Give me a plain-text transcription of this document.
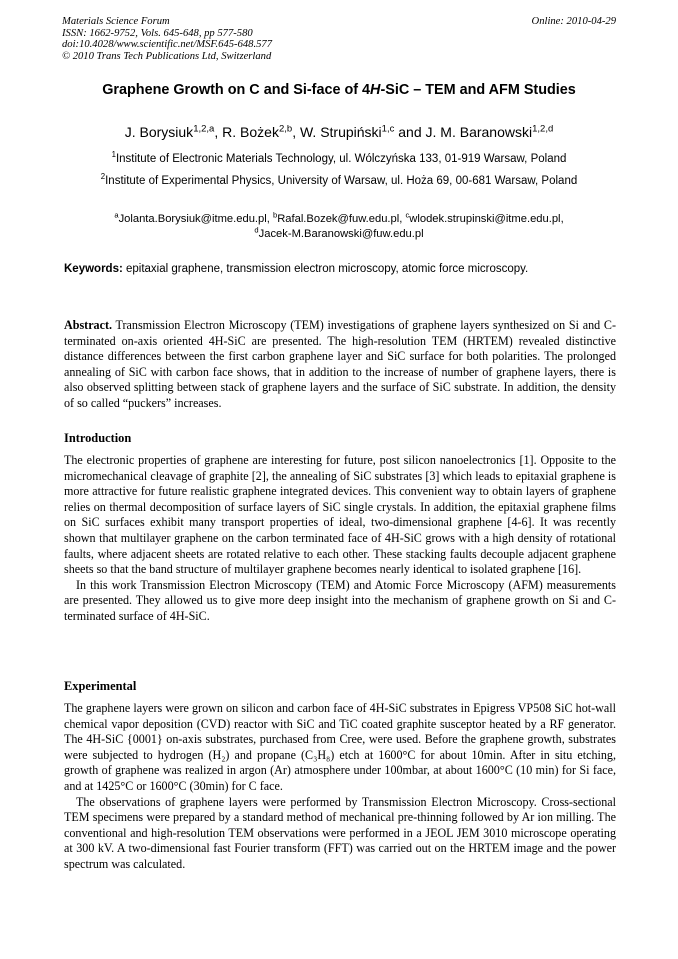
Materials Science Forum
ISSN: 1662-9752, Vols. 645-648, pp 577-580
doi:10.4028/www.scientific.net/MSF.645-648.577
© 2010 Trans Tech Publications Ltd, Switzerland
Online: 2010-04-29
Graphene Growth on C and Si-face of 4H-SiC – TEM and AFM Studies
J. Borysiuk$^{1,2,a}$, R. Bożek$^{2,b}$, W. Strupiński$^{1,c}$ and J. M. Baranowski$^{1,2,d}$
$^1$Institute of Electronic Materials Technology, ul. Wólczyńska 133, 01-919 Warsaw, Poland
$^2$Institute of Experimental Physics, University of Warsaw, ul. Hoża 69, 00-681 Warsaw, Poland
$^a$Jolanta.Borysiuk@itme.edu.pl, $^b$Rafal.Bozek@fuw.edu.pl, $^c$wlodek.strupinski@itme.edu.pl,
$^d$Jacek-M.Baranowski@fuw.edu.pl
Keywords: epitaxial graphene, transmission electron microscopy, atomic force microscopy.

Abstract. Transmission Electron Microscopy (TEM) investigations of graphene layers synthesized on Si and C-terminated on-axis oriented 4H-SiC are presented. The high-resolution TEM (HRTEM) revealed distinctive distance differences between the first carbon graphene layer and SiC surface for both polarities. The prolonged annealing of SiC with carbon face shows, that in addition to the increase of number of graphene layers, there is also observed splitting between stack of graphene layers and the surface of SiC substrate. In addition, the density of so called “puckers” increases.

Introduction

The electronic properties of graphene are interesting for future, post silicon nanoelectronics [1]. Opposite to the micromechanical cleavage of graphite [2], the annealing of SiC substrates [3] which leads to epitaxial graphene is more attractive for future realistic graphene integrated devices. This convenient way to obtain layers of graphene relies on thermal decomposition of surface layers of SiC single crystals. In addition, the epitaxial graphene films on SiC surfaces exhibit many transport properties of ideal, two-dimensional graphene [4-6]. It was recently shown that multilayer graphene on the carbon terminated face of 4H-SiC grows with a high density of rotational faults, where adjacent sheets are rotated relative to each other. These stacking faults decouple adjacent graphene sheets so that the band structure of multilayer graphene becomes nearly identical to isolated graphene [16].

In this work Transmission Electron Microscopy (TEM) and Atomic Force Microscopy (AFM) measurements are presented. They allowed us to give more deep insight into the mechanism of graphene growth on Si and C-terminated surface of 4H-SiC.

Experimental

The graphene layers were grown on silicon and carbon face of 4H-SiC substrates in Epigress VP508 SiC hot-wall chemical vapor deposition (CVD) reactor with SiC and TiC coated graphite susceptor heated by a RF generator. The 4H-SiC {0001} on-axis substrates, purchased from Cree, were used. Before the graphene growth, substrates were subjected to hydrogen (H₂) and propane (C₃H₈) etch at 1600°C for about 10min. After in situ etching, growth of graphene was realized in argon (Ar) atmosphere under 100mbar, at about 1600°C (10 min) for Si face, and at 1425°C or 1600°C (30min) for C face.

The observations of graphene layers were performed by Transmission Electron Microscopy. Cross-sectional TEM specimens were prepared by a standard method of mechanical pre-thinning followed by Ar ion milling. The conventional and high-resolution TEM observations were performed in a JEOL JEM 3010 microscope operating at 300 kV. A two-dimensional fast Fourier transform (FFT) was carried out on the HRTEM image and the power spectrum was calculated.
